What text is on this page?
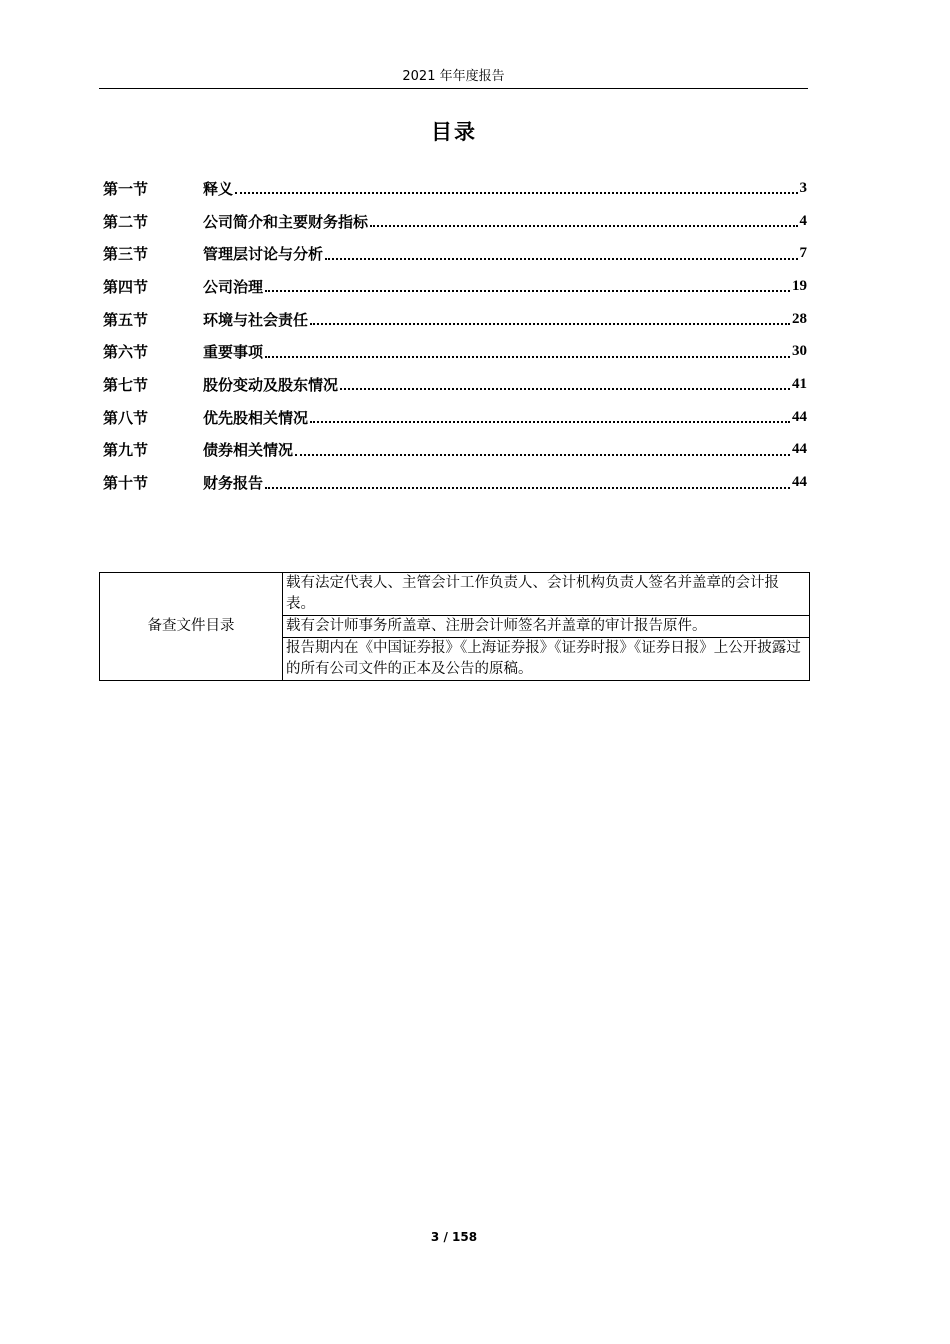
2021 年年度报告
目录
第一节	释义	3
第二节	公司简介和主要财务指标	4
第三节	管理层讨论与分析	7
第四节	公司治理	19
第五节	环境与社会责任	28
第六节	重要事项	30
第七节	股份变动及股东情况	41
第八节	优先股相关情况	44
第九节	债券相关情况	44
第十节	财务报告	44
备查文件目录	载有法定代表人、主管会计工作负责人、会计机构负责人签名并盖章的会计报表。
载有会计师事务所盖章、注册会计师签名并盖章的审计报告原件。
报告期内在《中国证券报》《上海证券报》《证券时报》《证券日报》上公开披露过的所有公司文件的正本及公告的原稿。
3 / 158
